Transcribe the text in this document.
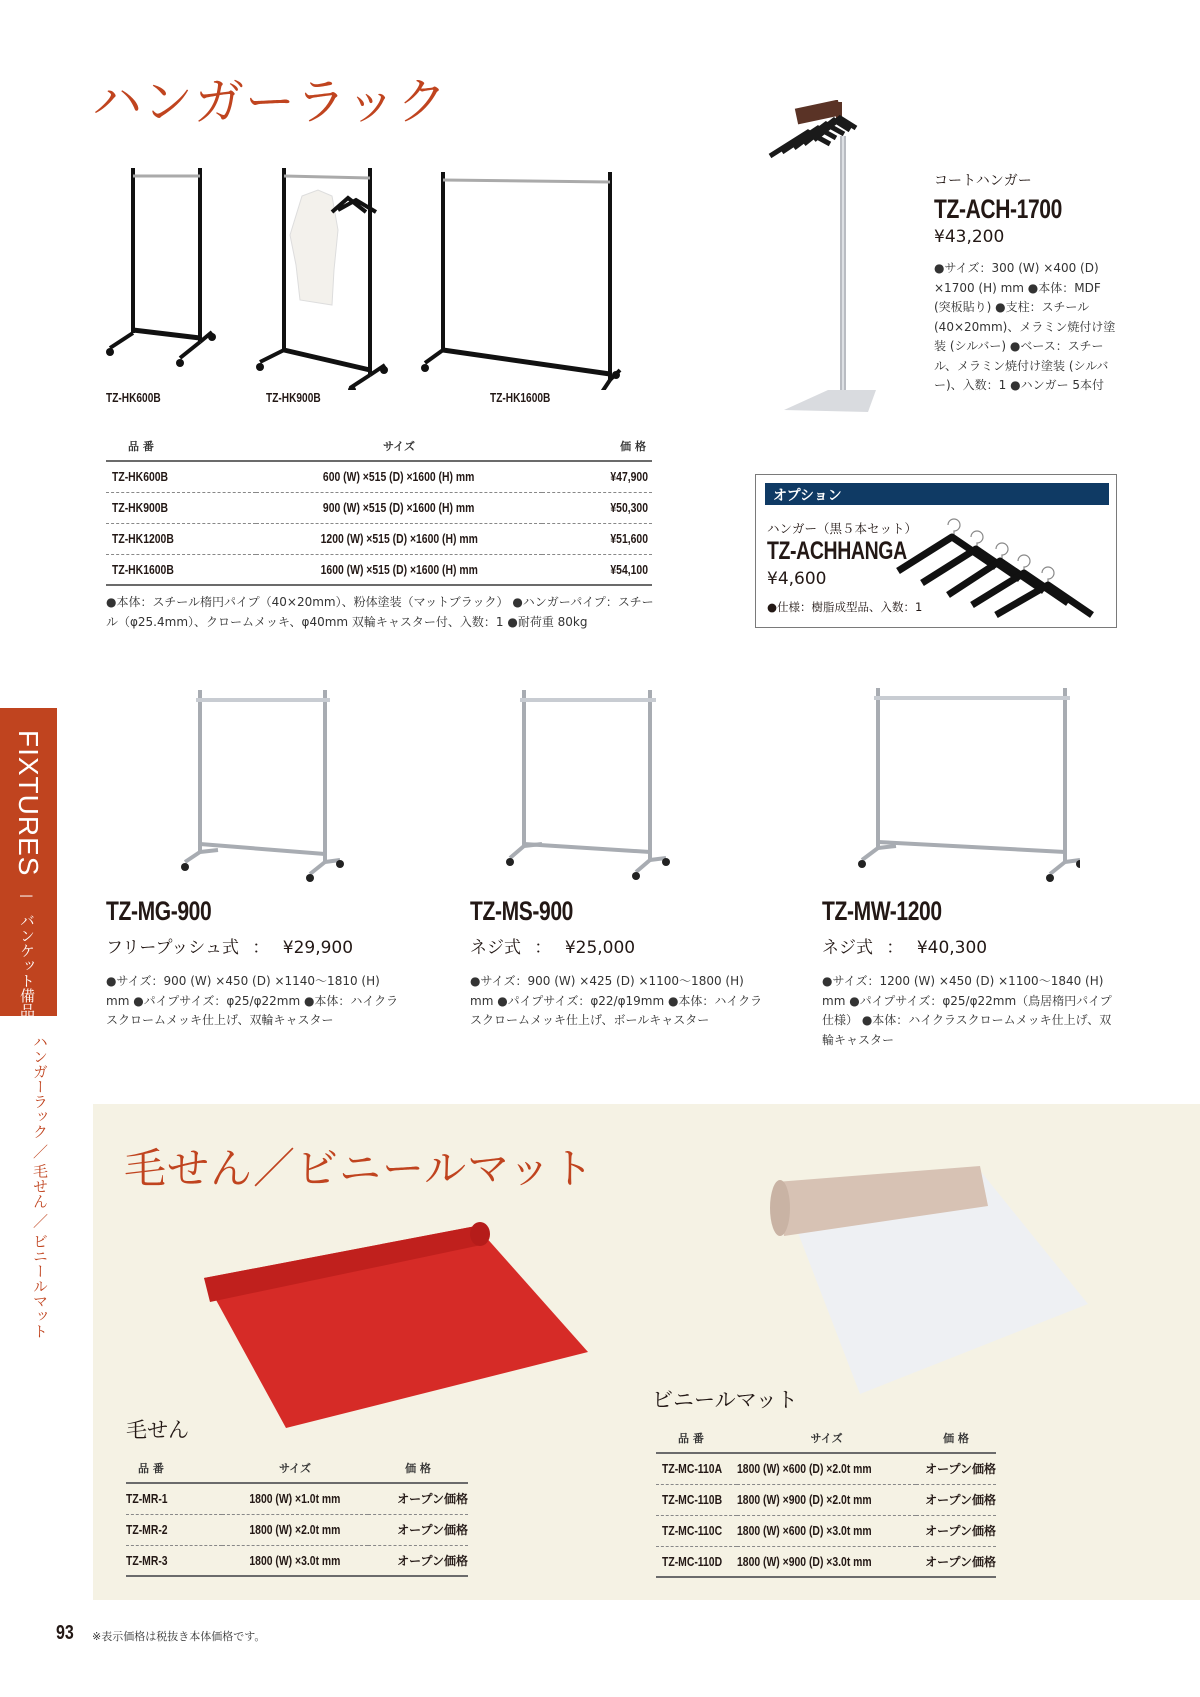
ハンガーラック
TZ-HK600B	TZ-HK900B	TZ-HK1600B
品 番	サイズ	価 格
TZ-HK600B	600 (W) ×515 (D) ×1600 (H) mm	¥47,900
TZ-HK900B	900 (W) ×515 (D) ×1600 (H) mm	¥50,300
TZ-HK1200B	1200 (W) ×515 (D) ×1600 (H) mm	¥51,600
TZ-HK1600B	1600 (W) ×515 (D) ×1600 (H) mm	¥54,100

●本体：スチール楕円パイプ（40×20mm）、粉体塗装（マットブラック） ●ハンガーパイプ：スチール（φ25.4mm）、クロームメッキ、φ40mm 双輪キャスター付、入数：1 ●耐荷重 80kg

コートハンガー
TZ-ACH-1700
¥43,200

●サイズ：300 (W) ×400 (D) ×1700 (H) mm ●本体：MDF (突板貼り) ●支柱：スチール (40×20mm)、メラミン焼付け塗装 (シルバー) ●ベース：スチール、メラミン焼付け塗装 (シルバー)、入数：1 ●ハンガー 5本付

オプション
ハンガー（黒５本セット）
TZ-ACHHANGA
¥4,600
●仕様：樹脂成型品、入数：1
FIXTURES
|
バンケット備品
ハンガーラック ／ 毛せん ／ ビニールマット
TZ-MG-900
フリープッシュ式 ： ¥29,900

●サイズ：900 (W) ×450 (D) ×1140〜1810 (H) mm ●パイプサイズ：φ25/φ22mm ●本体：ハイクラスクロームメッキ仕上げ、双輪キャスター

TZ-MS-900
ネジ式 ： ¥25,000

●サイズ：900 (W) ×425 (D) ×1100〜1800 (H) mm ●パイプサイズ：φ22/φ19mm ●本体：ハイクラスクロームメッキ仕上げ、ボールキャスター

TZ-MW-1200
ネジ式 ： ¥40,300

●サイズ：1200 (W) ×450 (D) ×1100〜1840 (H) mm ●パイプサイズ：φ25/φ22mm（鳥居楕円パイプ仕様） ●本体：ハイクラスクロームメッキ仕上げ、双輪キャスター

毛せん／ビニールマット
毛せん
品 番	サイズ	価 格
TZ-MR-1	1800 (W) ×1.0t mm	オープン価格
TZ-MR-2	1800 (W) ×2.0t mm	オープン価格
TZ-MR-3	1800 (W) ×3.0t mm	オープン価格
ビニールマット
品 番	サイズ	価 格
TZ-MC-110A	1800 (W) ×600 (D) ×2.0t mm	オープン価格
TZ-MC-110B	1800 (W) ×900 (D) ×2.0t mm	オープン価格
TZ-MC-110C	1800 (W) ×600 (D) ×3.0t mm	オープン価格
TZ-MC-110D	1800 (W) ×900 (D) ×3.0t mm	オープン価格
93 ※表示価格は税抜き本体価格です。
